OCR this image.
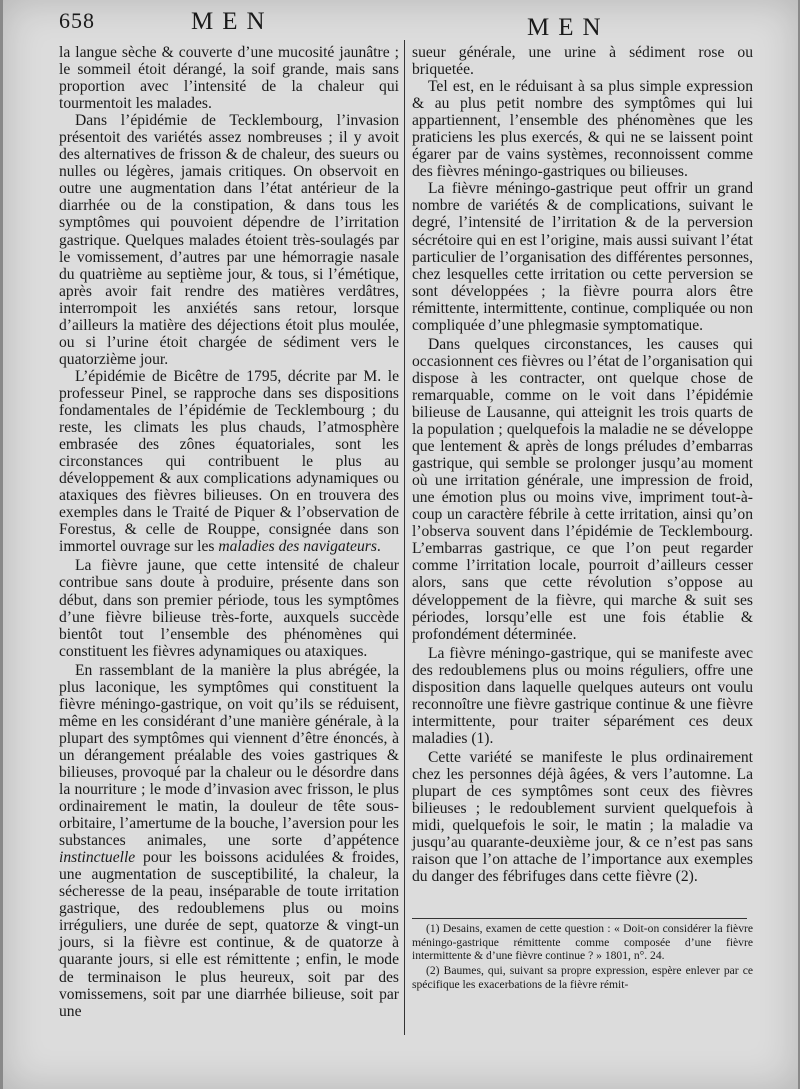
658	MEN	MEN

la langue sèche & couverte d’une mucosité jaunâtre ; le sommeil étoit dérangé, la soif grande, mais sans proportion avec l’intensité de la chaleur qui tourmentoit les malades.

Dans l’épidémie de Tecklembourg, l’invasion présentoit des variétés assez nombreuses ; il y avoit des alternatives de frisson & de chaleur, des sueurs ou nulles ou légères, jamais critiques. On observoit en outre une augmentation dans l’état antérieur de la diarrhée ou de la constipation, & dans tous les symptômes qui pouvoient dépendre de l’irritation gastrique. Quelques malades étoient très-soulagés par le vomissement, d’autres par une hémorragie nasale du quatrième au septième jour, & tous, si l’émétique, après avoir fait rendre des matières verdâtres, interrompoit les anxiétés sans retour, lorsque d’ailleurs la matière des déjections étoit plus moulée, ou si l’urine étoit chargée de sédiment vers le quatorzième jour.

L’épidémie de Bicêtre de 1795, décrite par M. le professeur Pinel, se rapproche dans ses dispositions fondamentales de l’épidémie de Tecklembourg ; du reste, les climats les plus chauds, l’atmosphère embrasée des zônes équatoriales, sont les circonstances qui contribuent le plus au développement & aux complications adynamiques ou ataxiques des fièvres bilieuses. On en trouvera des exemples dans le Traité de Piquer & l’observation de Forestus, & celle de Rouppe, consignée dans son immortel ouvrage sur les maladies des navigateurs.

La fièvre jaune, que cette intensité de chaleur contribue sans doute à produire, présente dans son début, dans son premier période, tous les symptômes d’une fièvre bilieuse très-forte, auxquels succède bientôt tout l’ensemble des phénomènes qui constituent les fièvres adynamiques ou ataxiques.

En rassemblant de la manière la plus abrégée, la plus laconique, les symptômes qui constituent la fièvre méningo-gastrique, on voit qu’ils se réduisent, même en les considérant d’une manière générale, à la plupart des symptômes qui viennent d’être énoncés, à un dérangement préalable des voies gastriques & bilieuses, provoqué par la chaleur ou le désordre dans la nourriture ; le mode d’invasion avec frisson, le plus ordinairement le matin, la douleur de tête sous-orbitaire, l’amertume de la bouche, l’aversion pour les substances animales, une sorte d’appétence instinctuelle pour les boissons acidulées & froides, une augmentation de susceptibilité, la chaleur, la sécheresse de la peau, inséparable de toute irritation gastrique, des redoublemens plus ou moins irréguliers, une durée de sept, quatorze & vingt-un jours, si la fièvre est continue, & de quatorze à quarante jours, si elle est rémittente ; enfin, le mode de terminaison le plus heureux, soit par des vomissemens, soit par une diarrhée bilieuse, soit par une

sueur générale, une urine à sédiment rose ou briquetée.

Tel est, en le réduisant à sa plus simple expression & au plus petit nombre des symptômes qui lui appartiennent, l’ensemble des phénomènes que les praticiens les plus exercés, & qui ne se laissent point égarer par de vains systèmes, reconnoissent comme des fièvres méningo-gastriques ou bilieuses.

La fièvre méningo-gastrique peut offrir un grand nombre de variétés & de complications, suivant le degré, l’intensité de l’irritation & de la perversion sécrétoire qui en est l’origine, mais aussi suivant l’état particulier de l’organisation des différentes personnes, chez lesquelles cette irritation ou cette perversion se sont développées ; la fièvre pourra alors être rémittente, intermittente, continue, compliquée ou non compliquée d’une phlegmasie symptomatique.

Dans quelques circonstances, les causes qui occasionnent ces fièvres ou l’état de l’organisation qui dispose à les contracter, ont quelque chose de remarquable, comme on le voit dans l’épidémie bilieuse de Lausanne, qui atteignit les trois quarts de la population ; quelquefois la maladie ne se développe que lentement & après de longs préludes d’embarras gastrique, qui semble se prolonger jusqu’au moment où une irritation générale, une impression de froid, une émotion plus ou moins vive, impriment tout-à-coup un caractère fébrile à cette irritation, ainsi qu’on l’observa souvent dans l’épidémie de Tecklembourg. L’embarras gastrique, ce que l’on peut regarder comme l’irritation locale, pourroit d’ailleurs cesser alors, sans que cette révolution s’oppose au développement de la fièvre, qui marche & suit ses périodes, lorsqu’elle est une fois établie & profondément déterminée.

La fièvre méningo-gastrique, qui se manifeste avec des redoublemens plus ou moins réguliers, offre une disposition dans laquelle quelques auteurs ont voulu reconnoître une fièvre gastrique continue & une fièvre intermittente, pour traiter séparément ces deux maladies (1).

Cette variété se manifeste le plus ordinairement chez les personnes déjà âgées, & vers l’automne. La plupart de ces symptômes sont ceux des fièvres bilieuses ; le redoublement survient quelquefois à midi, quelquefois le soir, le matin ; la maladie va jusqu’au quarante-deuxième jour, & ce n’est pas sans raison que l’on attache de l’importance aux exemples du danger des fébrifuges dans cette fièvre (2).

(1) Desains, examen de cette question : « Doit-on considérer la fièvre méningo-gastrique rémittente comme composée d’une fièvre intermittente & d’une fièvre continue ? » 1801, n°. 24.

(2) Baumes, qui, suivant sa propre expression, espère enlever par ce spécifique les exacerbations de la fièvre rémit-
